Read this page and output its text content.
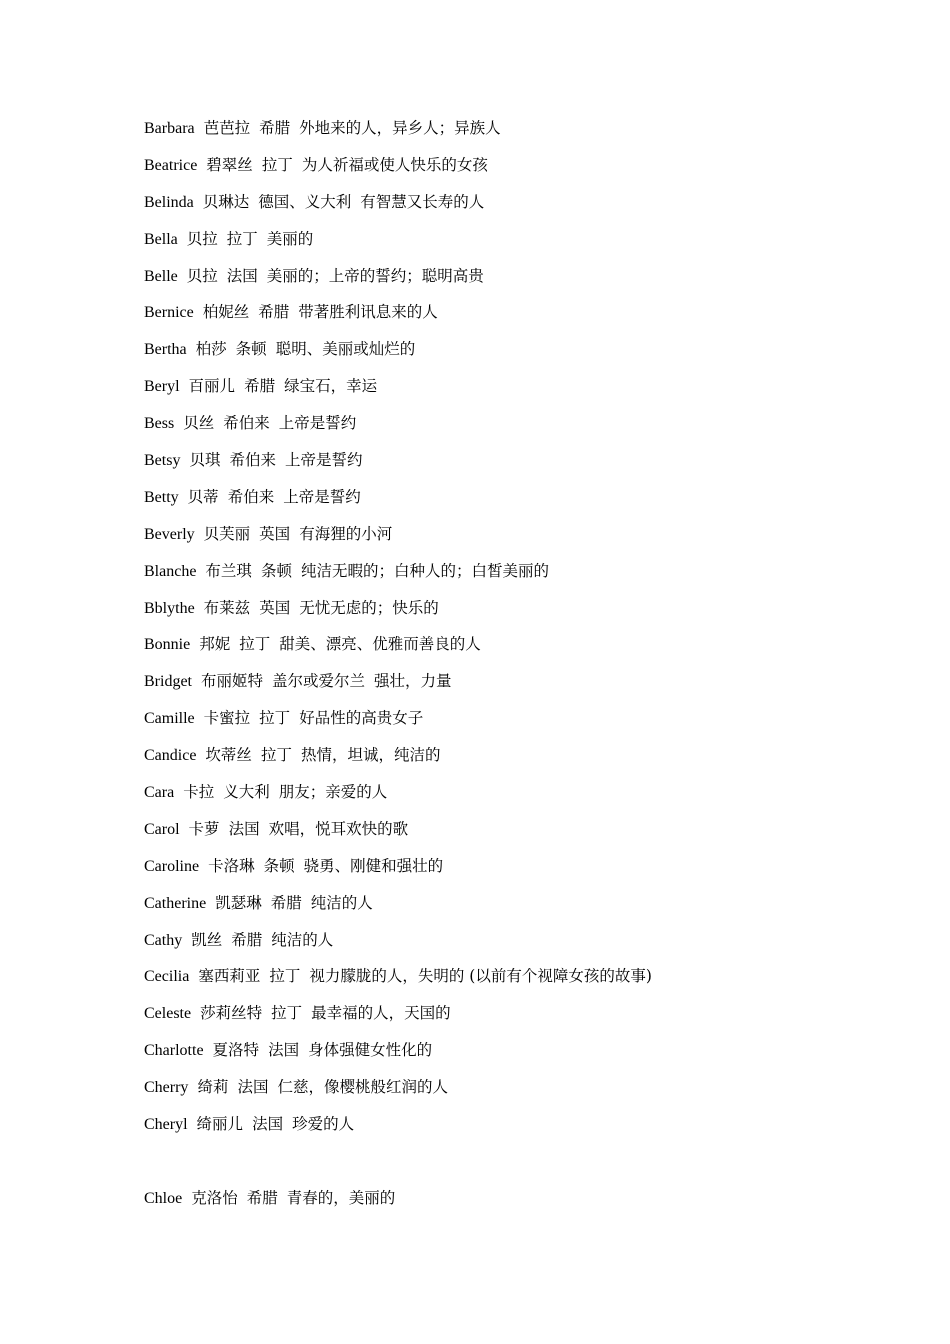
Barbara 芭芭拉 希腊 外地来的人，异乡人；异族人
Beatrice 碧翠丝 拉丁 为人祈福或使人快乐的女孩
Belinda 贝琳达 德国、义大利 有智慧又长寿的人
Bella 贝拉 拉丁 美丽的
Belle 贝拉 法国 美丽的；上帝的誓约；聪明高贵
Bernice 柏妮丝 希腊 带著胜利讯息来的人
Bertha 柏莎 条顿 聪明、美丽或灿烂的
Beryl 百丽儿 希腊 绿宝石，幸运
Bess 贝丝 希伯来 上帝是誓约
Betsy 贝琪 希伯来 上帝是誓约
Betty 贝蒂 希伯来 上帝是誓约
Beverly 贝芙丽 英国 有海狸的小河
Blanche 布兰琪 条顿 纯洁无暇的；白种人的；白皙美丽的
Bblythe 布莱兹 英国 无忧无虑的；快乐的
Bonnie 邦妮 拉丁 甜美、漂亮、优雅而善良的人
Bridget 布丽姬特 盖尔或爱尔兰 强壮，力量
Camille 卡蜜拉 拉丁 好品性的高贵女子
Candice 坎蒂丝 拉丁 热情，坦诚，纯洁的
Cara 卡拉 义大利 朋友；亲爱的人
Carol 卡萝 法国 欢唱，悦耳欢快的歌
Caroline 卡洛琳 条顿 骁勇、刚健和强壮的
Catherine 凯瑟琳 希腊 纯洁的人
Cathy 凯丝 希腊 纯洁的人
Cecilia 塞西莉亚 拉丁 视力朦胧的人，失明的 (以前有个视障女孩的故事)
Celeste 莎莉丝特 拉丁 最幸福的人，天国的
Charlotte 夏洛特 法国 身体强健女性化的
Cherry 绮莉 法国 仁慈，像樱桃般红润的人
Cheryl 绮丽儿 法国 珍爱的人
Chloe 克洛怡 希腊 青春的，美丽的
